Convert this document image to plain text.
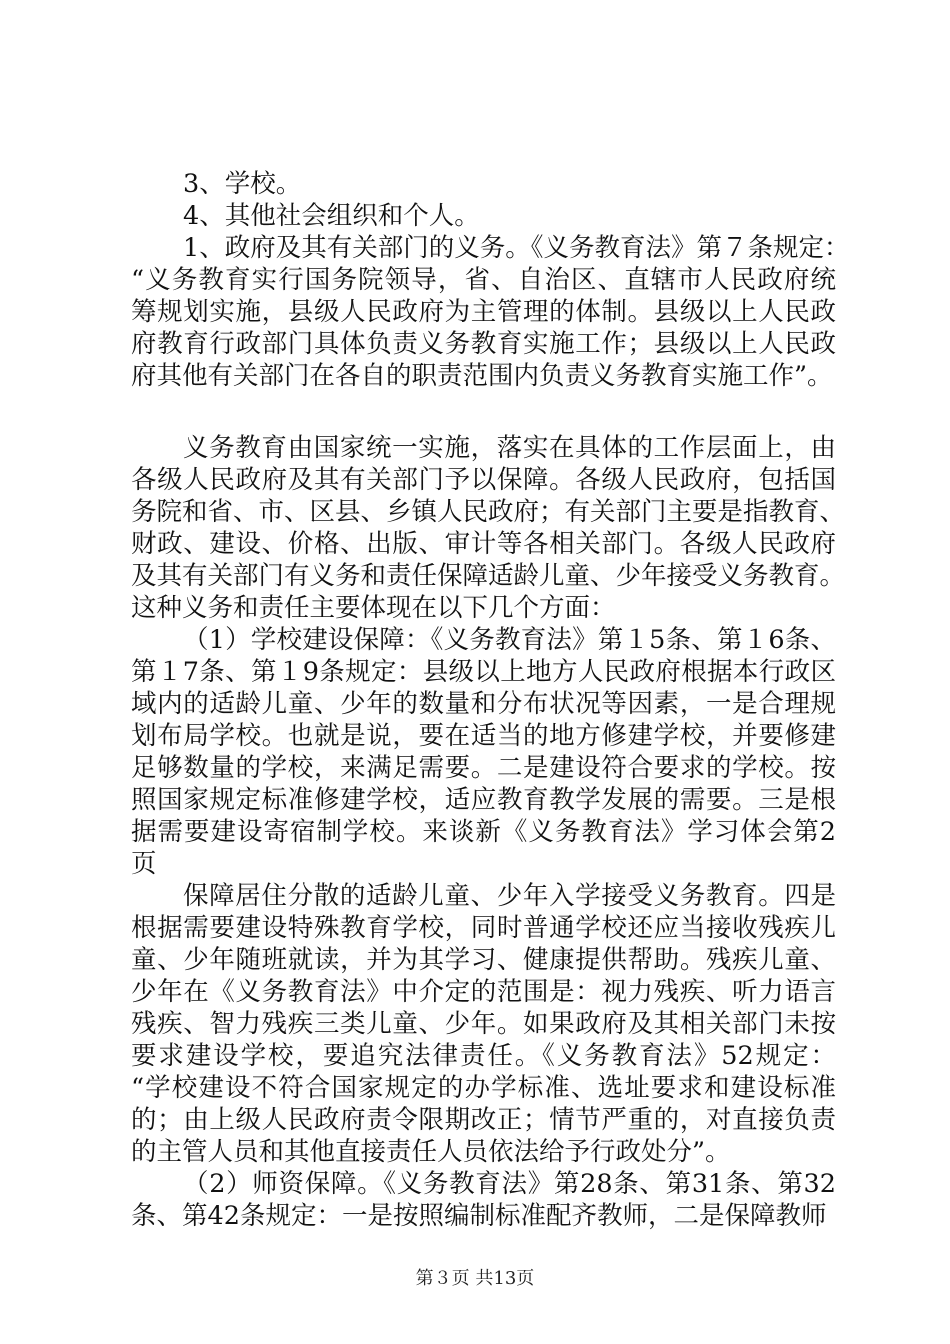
3、学校。
4、其他社会组织和个人。
1、政府及其有关部门的义务。《义务教育法》第７条规定：
“义务教育实行国务院领导，省、自治区、直辖市人民政府统
筹规划实施，县级人民政府为主管理的体制。县级以上人民政
府教育行政部门具体负责义务教育实施工作；县级以上人民政
府其他有关部门在各自的职责范围内负责义务教育实施工作”。
义务教育由国家统一实施，落实在具体的工作层面上，由
各级人民政府及其有关部门予以保障。各级人民政府，包括国
务院和省、市、区县、乡镇人民政府；有关部门主要是指教育、
财政、建设、价格、出版、审计等各相关部门。各级人民政府
及其有关部门有义务和责任保障适龄儿童、少年接受义务教育。
这种义务和责任主要体现在以下几个方面：
（1）学校建设保障：《义务教育法》第１5条、第１6条、
第１7条、第１9条规定：县级以上地方人民政府根据本行政区
域内的适龄儿童、少年的数量和分布状况等因素，一是合理规
划布局学校。也就是说，要在适当的地方修建学校，并要修建
足够数量的学校，来满足需要。二是建设符合要求的学校。按
照国家规定标准修建学校，适应教育教学发展的需要。三是根
据需要建设寄宿制学校。来谈新《义务教育法》学习体会第2
页
保障居住分散的适龄儿童、少年入学接受义务教育。四是
根据需要建设特殊教育学校，同时普通学校还应当接收残疾儿
童、少年随班就读，并为其学习、健康提供帮助。残疾儿童、
少年在《义务教育法》中介定的范围是：视力残疾、听力语言
残疾、智力残疾三类儿童、少年。如果政府及其相关部门未按
要求建设学校，要追究法律责任。《义务教育法》52规定：
“学校建设不符合国家规定的办学标准、选址要求和建设标准
的；由上级人民政府责令限期改正；情节严重的，对直接负责
的主管人员和其他直接责任人员依法给予行政处分”。
（2）师资保障。《义务教育法》第28条、第31条、第32
条、第42条规定：一是按照编制标准配齐教师，二是保障教师
第３页 共13页
